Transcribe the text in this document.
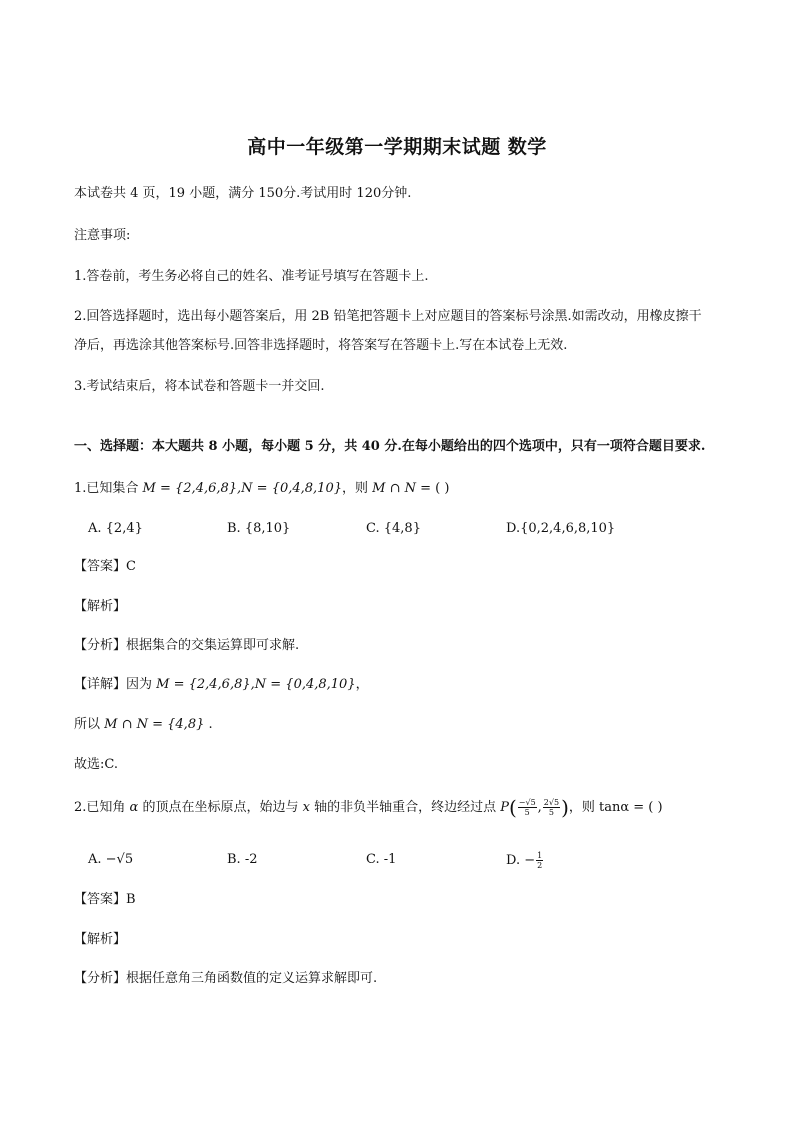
高中一年级第一学期期末试题 数学
本试卷共 4 页，19 小题，满分 150分.考试用时 120分钟.
注意事项:
1.答卷前，考生务必将自己的姓名、准考证号填写在答题卡上.
2.回答选择题时，选出每小题答案后，用 2B 铅笔把答题卡上对应题目的答案标号涂黑.如需改动，用橡皮擦干
净后，再选涂其他答案标号.回答非选择题时，将答案写在答题卡上.写在本试卷上无效.
3.考试结束后，将本试卷和答题卡一并交回.
一、选择题：本大题共 8 小题，每小题 5 分，共 40 分.在每小题给出的四个选项中，只有一项符合题目要求.
1.已知集合 M = {2,4,6,8},N = {0,4,8,10}，则 M ∩ N = ( )
A. {2,4}	B. {8,10}	C. {4,8}	D.{0,2,4,6,8,10}
【答案】C
【解析】
【分析】根据集合的交集运算即可求解.
【详解】因为 M = {2,4,6,8},N = {0,4,8,10}，
所以 M ∩ N = {4,8} .
故选:C.
2.已知角 α 的顶点在坐标原点，始边与 x 轴的非负半轴重合，终边经过点 $P( \frac{-√5}{5}$ , $\frac{2√5}{5}$ )，则 tanα = ( )
A. −√5	B. -2	C. -1	D. − $\frac{1}{2}$
【答案】B
【解析】
【分析】根据任意角三角函数值的定义运算求解即可.
